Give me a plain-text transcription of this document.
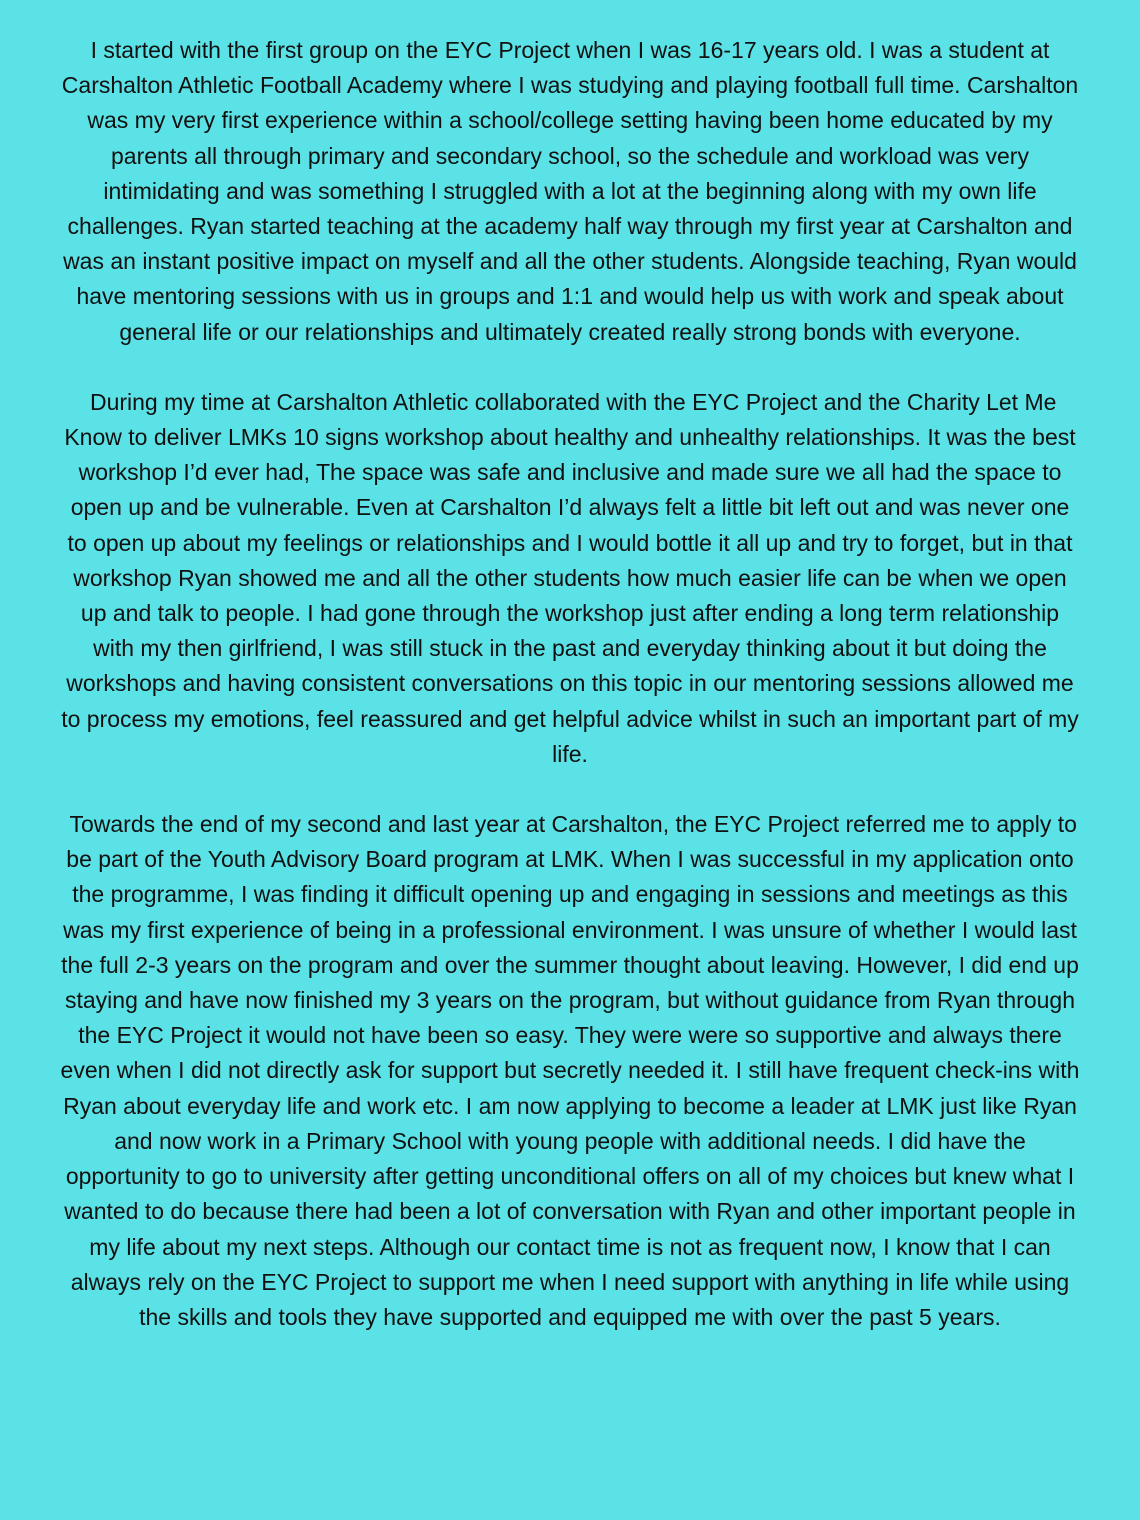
I started with the first group on the EYC Project when I was 16-17 years old. I was a student at Carshalton Athletic Football Academy where I was studying and playing football full time. Carshalton was my very first experience within a school/college setting having been home educated by my parents all through primary and secondary school, so the schedule and workload was very intimidating and was something I struggled with a lot at the beginning along with my own life challenges. Ryan started teaching at the academy half way through my first year at Carshalton and was an instant positive impact on myself and all the other students. Alongside teaching, Ryan would have mentoring sessions with us in groups and 1:1 and would help us with work and speak about general life or our relationships and ultimately created really strong bonds with everyone.

During my time at Carshalton Athletic collaborated with the EYC Project and the Charity Let Me Know to deliver LMKs 10 signs workshop about healthy and unhealthy relationships. It was the best workshop I’d ever had, The space was safe and inclusive and made sure we all had the space to open up and be vulnerable. Even at Carshalton I’d always felt a little bit left out and was never one to open up about my feelings or relationships and I would bottle it all up and try to forget, but in that workshop Ryan showed me and all the other students how much easier life can be when we open up and talk to people. I had gone through the workshop just after ending a long term relationship with my then girlfriend, I was still stuck in the past and everyday thinking about it but doing the workshops and having consistent conversations on this topic in our mentoring sessions allowed me to process my emotions, feel reassured and get helpful advice whilst in such an important part of my life.

Towards the end of my second and last year at Carshalton, the EYC Project referred me to apply to be part of the Youth Advisory Board program at LMK. When I was successful in my application onto the programme, I was finding it difficult opening up and engaging in sessions and meetings as this was my first experience of being in a professional environment. I was unsure of whether I would last the full 2-3 years on the program and over the summer thought about leaving. However, I did end up staying and have now finished my 3 years on the program, but without guidance from Ryan through the EYC Project it would not have been so easy. They were were so supportive and always there even when I did not directly ask for support but secretly needed it. I still have frequent check-ins with Ryan about everyday life and work etc. I am now applying to become a leader at LMK just like Ryan and now work in a Primary School with young people with additional needs. I did have the opportunity to go to university after getting unconditional offers on all of my choices but knew what I wanted to do because there had been a lot of conversation with Ryan and other important people in my life about my next steps. Although our contact time is not as frequent now, I know that I can always rely on the EYC Project to support me when I need support with anything in life while using the skills and tools they have supported and equipped me with over the past 5 years.
